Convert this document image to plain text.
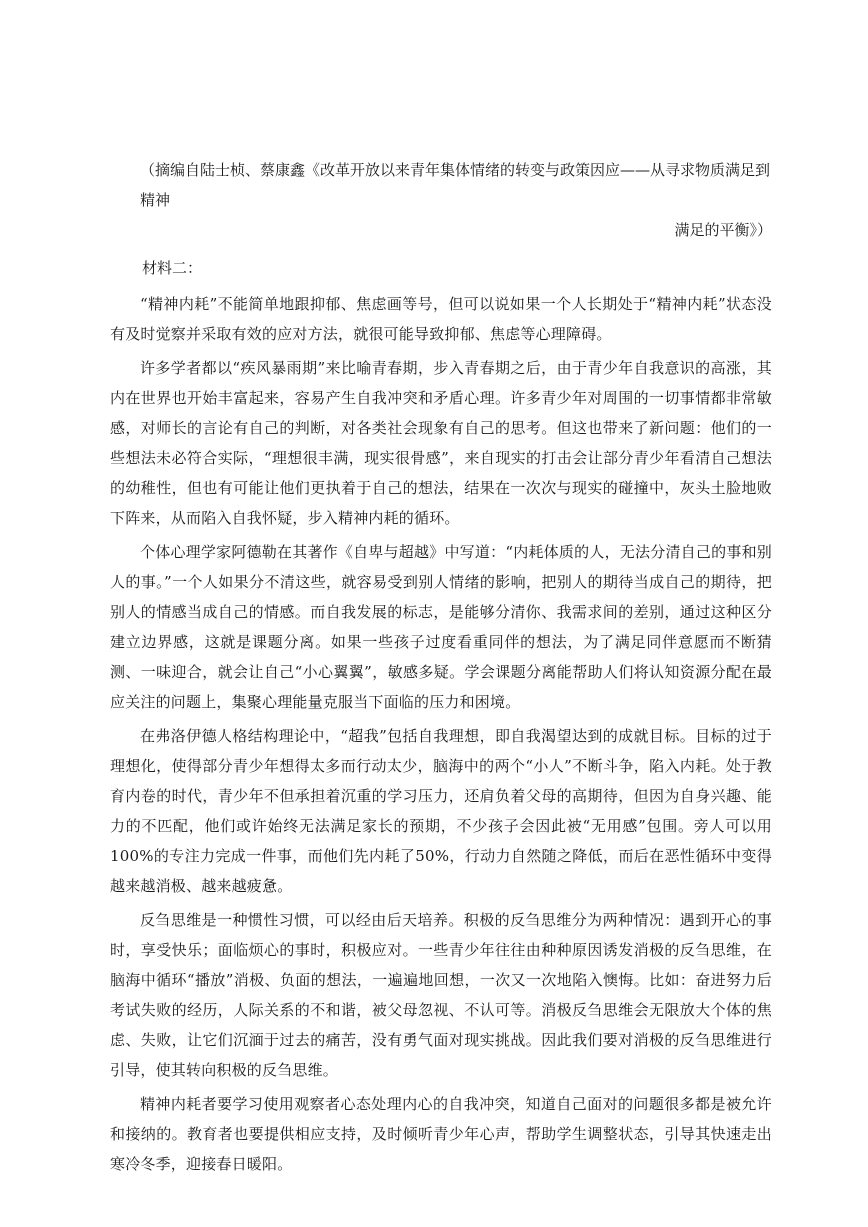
（摘编自陆士桢、蔡康鑫《改革开放以来青年集体情绪的转变与政策因应——从寻求物质满足到精神
满足的平衡》）

材料二：

“精神内耗”不能简单地跟抑郁、焦虑画等号，但可以说如果一个人长期处于“精神内耗”状态没有及时觉察并采取有效的应对方法，就很可能导致抑郁、焦虑等心理障碍。

许多学者都以“疾风暴雨期”来比喻青春期，步入青春期之后，由于青少年自我意识的高涨，其内在世界也开始丰富起来，容易产生自我冲突和矛盾心理。许多青少年对周围的一切事情都非常敏感，对师长的言论有自己的判断，对各类社会现象有自己的思考。但这也带来了新问题：他们的一些想法未必符合实际，“理想很丰满，现实很骨感”，来自现实的打击会让部分青少年看清自己想法的幼稚性，但也有可能让他们更执着于自己的想法，结果在一次次与现实的碰撞中，灰头土脸地败下阵来，从而陷入自我怀疑，步入精神内耗的循环。

个体心理学家阿德勒在其著作《自卑与超越》中写道：“内耗体质的人，无法分清自己的事和别人的事。”一个人如果分不清这些，就容易受到别人情绪的影响，把别人的期待当成自己的期待，把别人的情感当成自己的情感。而自我发展的标志，是能够分清你、我需求间的差别，通过这种区分建立边界感，这就是课题分离。如果一些孩子过度看重同伴的想法，为了满足同伴意愿而不断猜测、一味迎合，就会让自己“小心翼翼”，敏感多疑。学会课题分离能帮助人们将认知资源分配在最应关注的问题上，集聚心理能量克服当下面临的压力和困境。

在弗洛伊德人格结构理论中，“超我”包括自我理想，即自我渴望达到的成就目标。目标的过于理想化，使得部分青少年想得太多而行动太少，脑海中的两个“小人”不断斗争，陷入内耗。处于教育内卷的时代，青少年不但承担着沉重的学习压力，还肩负着父母的高期待，但因为自身兴趣、能力的不匹配，他们或许始终无法满足家长的预期，不少孩子会因此被“无用感”包围。旁人可以用100%的专注力完成一件事，而他们先内耗了50%，行动力自然随之降低，而后在恶性循环中变得越来越消极、越来越疲惫。

反刍思维是一种惯性习惯，可以经由后天培养。积极的反刍思维分为两种情况：遇到开心的事时，享受快乐；面临烦心的事时，积极应对。一些青少年往往由种种原因诱发消极的反刍思维，在脑海中循环“播放”消极、负面的想法，一遍遍地回想，一次又一次地陷入懊悔。比如：奋进努力后考试失败的经历，人际关系的不和谐，被父母忽视、不认可等。消极反刍思维会无限放大个体的焦虑、失败，让它们沉湎于过去的痛苦，没有勇气面对现实挑战。因此我们要对消极的反刍思维进行引导，使其转向积极的反刍思维。

精神内耗者要学习使用观察者心态处理内心的自我冲突，知道自己面对的问题很多都是被允许和接纳的。教育者也要提供相应支持，及时倾听青少年心声，帮助学生调整状态，引导其快速走出寒冷冬季，迎接春日暖阳。
